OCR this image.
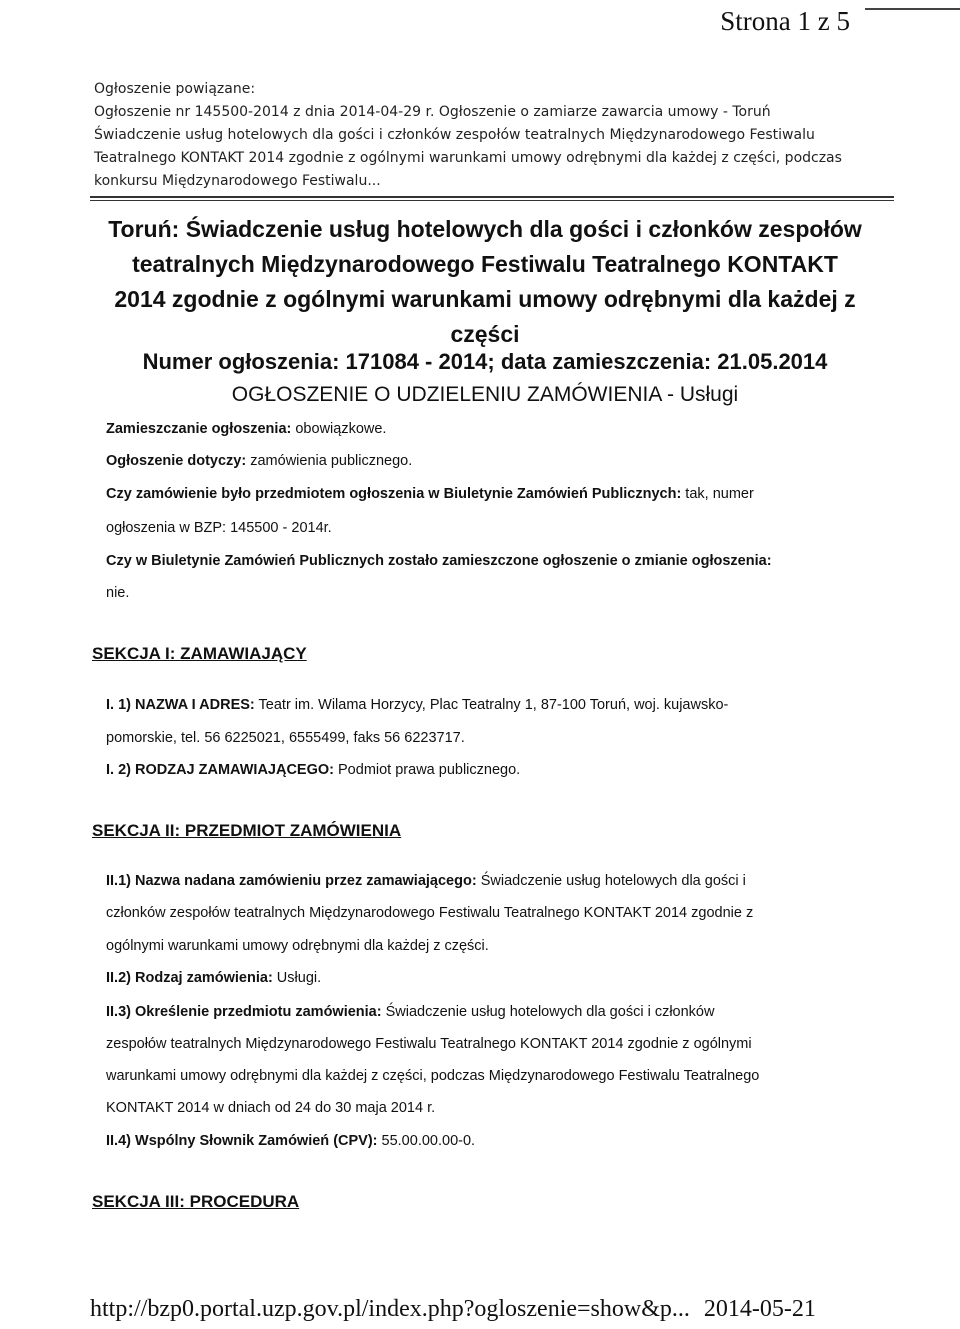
Strona 1 z 5
Ogłoszenie powiązane:
Ogłoszenie nr 145500-2014 z dnia 2014-04-29 r. Ogłoszenie o zamiarze zawarcia umowy - Toruń
Świadczenie usług hotelowych dla gości i członków zespołów teatralnych Międzynarodowego Festiwalu
Teatralnego KONTAKT 2014 zgodnie z ogólnymi warunkami umowy odrębnymi dla każdej z części, podczas
konkursu Międzynarodowego Festiwalu...
Toruń: Świadczenie usług hotelowych dla gości i członków zespołów
teatralnych Międzynarodowego Festiwalu Teatralnego KONTAKT
2014 zgodnie z ogólnymi warunkami umowy odrębnymi dla każdej z
części
Numer ogłoszenia: 171084 - 2014; data zamieszczenia: 21.05.2014
OGŁOSZENIE O UDZIELENIU ZAMÓWIENIA - Usługi
Zamieszczanie ogłoszenia: obowiązkowe.
Ogłoszenie dotyczy: zamówienia publicznego.
Czy zamówienie było przedmiotem ogłoszenia w Biuletynie Zamówień Publicznych: tak, numer
ogłoszenia w BZP: 145500 - 2014r.
Czy w Biuletynie Zamówień Publicznych zostało zamieszczone ogłoszenie o zmianie ogłoszenia:
nie.
SEKCJA I: ZAMAWIAJĄCY
I. 1) NAZWA I ADRES: Teatr im. Wilama Horzycy, Plac Teatralny 1, 87-100 Toruń, woj. kujawsko-
pomorskie, tel. 56 6225021, 6555499, faks 56 6223717.
I. 2) RODZAJ ZAMAWIAJĄCEGO: Podmiot prawa publicznego.
SEKCJA II: PRZEDMIOT ZAMÓWIENIA
II.1) Nazwa nadana zamówieniu przez zamawiającego: Świadczenie usług hotelowych dla gości i
członków zespołów teatralnych Międzynarodowego Festiwalu Teatralnego KONTAKT 2014 zgodnie z
ogólnymi warunkami umowy odrębnymi dla każdej z części.
II.2) Rodzaj zamówienia: Usługi.
II.3) Określenie przedmiotu zamówienia: Świadczenie usług hotelowych dla gości i członków
zespołów teatralnych Międzynarodowego Festiwalu Teatralnego KONTAKT 2014 zgodnie z ogólnymi
warunkami umowy odrębnymi dla każdej z części, podczas Międzynarodowego Festiwalu Teatralnego
KONTAKT 2014 w dniach od 24 do 30 maja 2014 r.
II.4) Wspólny Słownik Zamówień (CPV): 55.00.00.00-0.
SEKCJA III: PROCEDURA
http://bzp0.portal.uzp.gov.pl/index.php?ogloszenie=show&p... 2014-05-21
